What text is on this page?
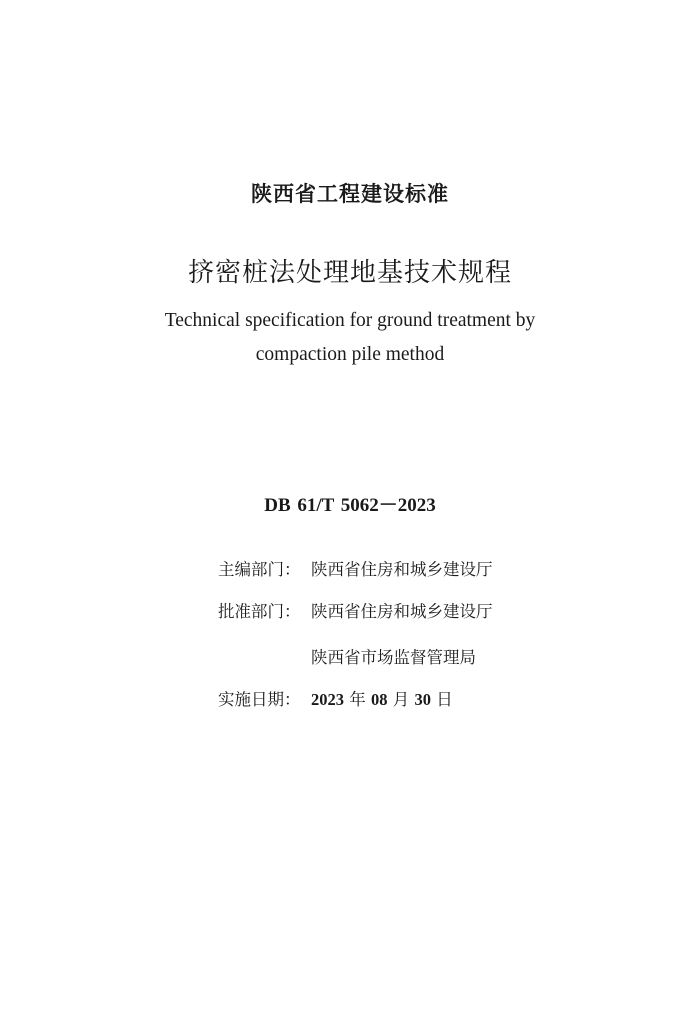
陕西省工程建设标准
挤密桩法处理地基技术规程
Technical specification for ground treatment by
compaction pile method
DB 61/T 5062－2023
主编部门： 陕西省住房和城乡建设厅
批准部门： 陕西省住房和城乡建设厅
陕西省市场监督管理局
实施日期： 2023 年 08 月 30 日
